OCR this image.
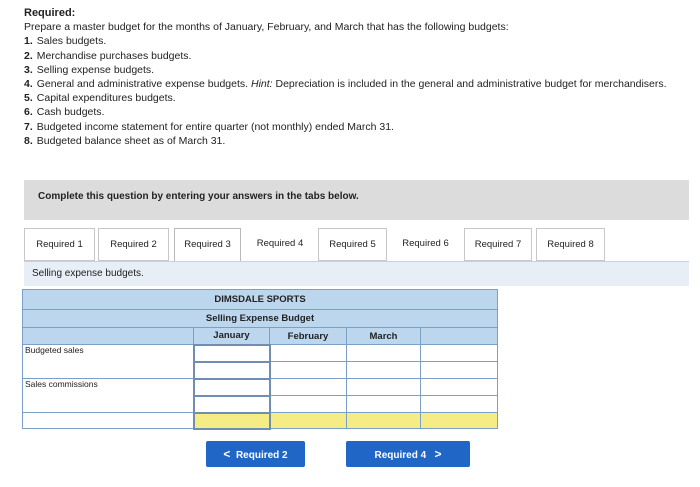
Required:
Prepare a master budget for the months of January, February, and March that has the following budgets:
1. Sales budgets.
2. Merchandise purchases budgets.
3. Selling expense budgets.
4. General and administrative expense budgets. Hint: Depreciation is included in the general and administrative budget for merchandisers.
5. Capital expenditures budgets.
6. Cash budgets.
7. Budgeted income statement for entire quarter (not monthly) ended March 31.
8. Budgeted balance sheet as of March 31.
Complete this question by entering your answers in the tabs below.
Required 1	Required 2	Required 3	Required 4	Required 5	Required 6	Required 7	Required 8
Selling expense budgets.
DIMSDALE SPORTS				
Selling Expense Budget				
	January	February	March	
Budgeted sales				

Sales commissions				

< Required 2	Required 4 >
